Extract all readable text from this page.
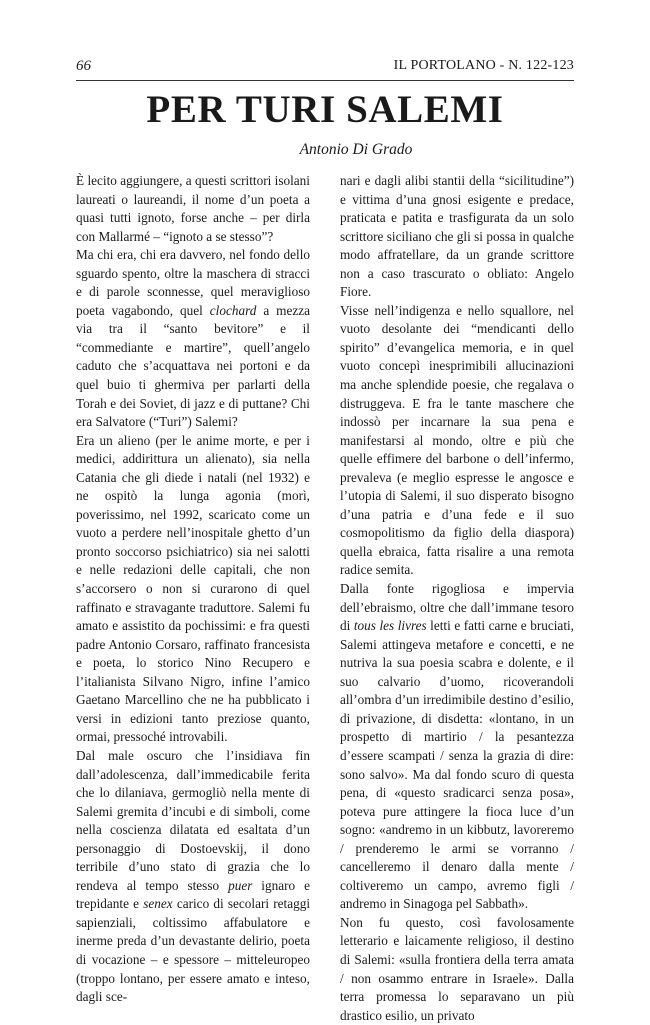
66	IL PORTOLANO - N. 122-123
PER TURI SALEMI
Antonio Di Grado

È lecito aggiungere, a questi scrittori isolani laureati o laureandi, il nome d’un poeta a quasi tutti ignoto, forse anche – per dirla con Mallarmé – “ignoto a se stesso”?

Ma chi era, chi era davvero, nel fondo dello sguardo spento, oltre la maschera di stracci e di parole sconnesse, quel meraviglioso poeta vagabondo, quel clochard a mezza via tra il “santo bevitore” e il “commediante e martire”, quell’angelo caduto che s’acquattava nei portoni e da quel buio ti ghermiva per parlarti della Torah e dei Soviet, di jazz e di puttane? Chi era Salvatore (“Turi”) Salemi?

Era un alieno (per le anime morte, e per i medici, addirittura un alienato), sia nella Catania che gli diede i natali (nel 1932) e ne ospitò la lunga agonia (morì, poverissimo, nel 1992, scaricato come un vuoto a perdere nell’inospitale ghetto d’un pronto soccorso psichiatrico) sia nei salotti e nelle redazioni delle capitali, che non s’accorsero o non si curarono di quel raffinato e stravagante traduttore. Salemi fu amato e assistito da pochissimi: e fra questi padre Antonio Corsaro, raffinato francesista e poeta, lo storico Nino Recupero e l’italianista Silvano Nigro, infine l’amico Gaetano Marcellino che ne ha pubblicato i versi in edizioni tanto preziose quanto, ormai, pressoché introvabili.

Dal male oscuro che l’insidiava fin dall’adolescenza, dall’immedicabile ferita che lo dilaniava, germogliò nella mente di Salemi gremita d’incubi e di simboli, come nella coscienza dilatata ed esaltata d’un personaggio di Dostoevskij, il dono terribile d’uno stato di grazia che lo rendeva al tempo stesso puer ignaro e trepidante e senex carico di secolari retaggi sapienziali, coltissimo affabulatore e inerme preda d’un devastante delirio, poeta di vocazione – e spessore – mitteleuropeo (troppo lontano, per essere amato e inteso, dagli sce-

nari e dagli alibi stantii della “sicilitudine”) e vittima d’una gnosi esigente e predace, praticata e patita e trasfigurata da un solo scrittore siciliano che gli si possa in qualche modo affratellare, da un grande scrittore non a caso trascurato o obliato: Angelo Fiore.

Visse nell’indigenza e nello squallore, nel vuoto desolante dei “mendicanti dello spirito” d’evangelica memoria, e in quel vuoto concepì inesprimibili allucinazioni ma anche splendide poesie, che regalava o distruggeva. E fra le tante maschere che indossò per incarnare la sua pena e manifestarsi al mondo, oltre e più che quelle effimere del barbone o dell’infermo, prevaleva (e meglio espresse le angosce e l’utopia di Salemi, il suo disperato bisogno d’una patria e d’una fede e il suo cosmopolitismo da figlio della diaspora) quella ebraica, fatta risalire a una remota radice semita.

Dalla fonte rigogliosa e impervia dell’ebraismo, oltre che dall’immane tesoro di tous les livres letti e fatti carne e bruciati, Salemi attingeva metafore e concetti, e ne nutriva la sua poesia scabra e dolente, e il suo calvario d’uomo, ricoverandoli all’ombra d’un irredimibile destino d’esilio, di privazione, di disdetta: «lontano, in un prospetto di martirio / la pesantezza d’essere scampati / senza la grazia di dire: sono salvo». Ma dal fondo scuro di questa pena, di «questo sradicarci senza posa», poteva pure attingere la fioca luce d’un sogno: «andremo in un kibbutz, lavoreremo / prenderemo le armi se vorranno / cancelleremo il denaro dalla mente / coltiveremo un campo, avremo figli / andremo in Sinagoga pel Sabbath».

Non fu questo, così favolosamente letterario e laicamente religioso, il destino di Salemi: «sulla frontiera della terra amata / non osammo entrare in Israele». Dalla terra promessa lo separavano un più drastico esilio, un privato
